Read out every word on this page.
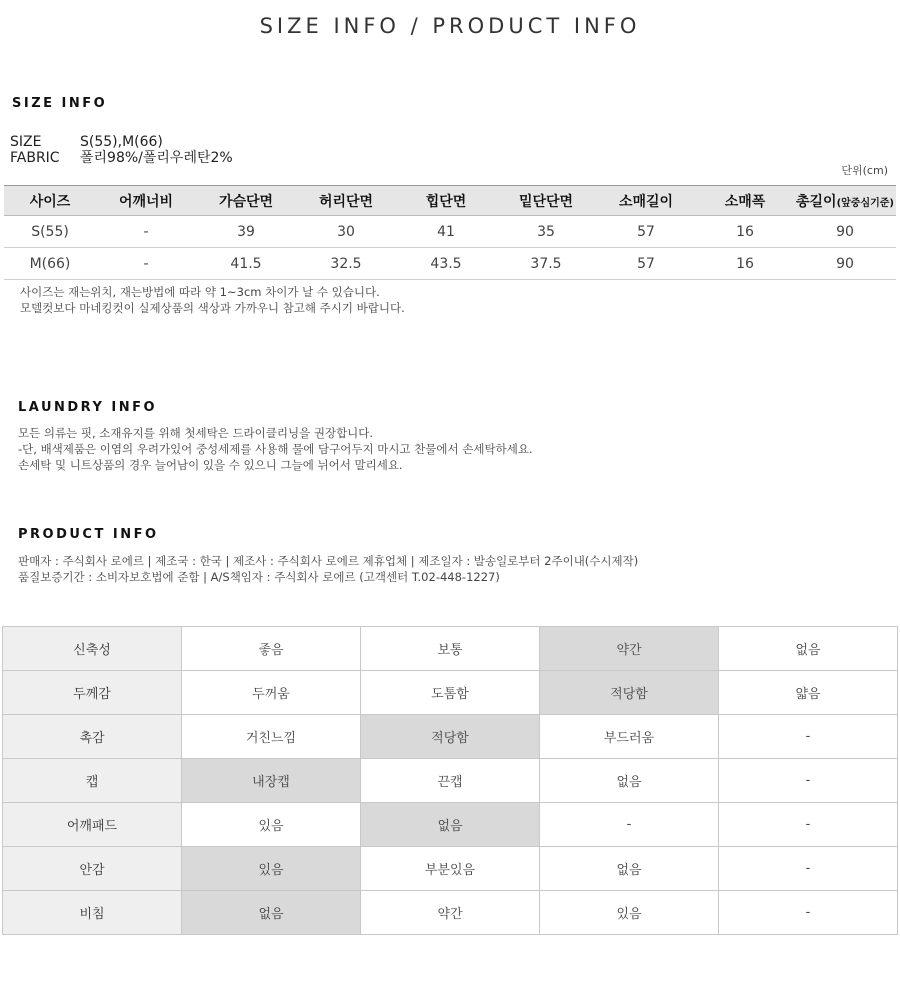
SIZE INFO / PRODUCT INFO
SIZE INFO
SIZE	S(55),M(66)
FABRIC 폴리98%/폴리우레탄2%
단위(cm)
사이즈	어깨너비	가슴단면	허리단면	힙단면	밑단단면	소매길이	소매폭	총길이(앞중심기준)
S(55)	-	39	30	41	35	57	16	90
M(66)	-	41.5	32.5	43.5	37.5	57	16	90
사이즈는 재는위치, 재는방법에 따라 약 1~3cm 차이가 날 수 있습니다.
모델컷보다 마네킹컷이 실제상품의 색상과 가까우니 참고해 주시기 바랍니다.
LAUNDRY INFO
모든 의류는 핏, 소재유지를 위해 첫세탁은 드라이클리닝을 권장합니다.
-단, 배색제품은 이염의 우려가있어 중성세제를 사용해 물에 담구어두지 마시고 찬물에서 손세탁하세요.
손세탁 및 니트상품의 경우 늘어남이 있을 수 있으니 그늘에 뉘어서 말리세요.
PRODUCT INFO
판매자 : 주식회사 로에르 | 제조국 : 한국 | 제조사 : 주식회사 로에르 제휴업체 | 제조일자 : 발송일로부터 2주이내(수시제작)
품질보증기간 : 소비자보호법에 준함 | A/S책임자 : 주식회사 로에르 (고객센터 T.02-448-1227)
신축성	좋음	보통	약간	없음
두께감	두꺼움	도톰함	적당함	얇음
촉감	거친느낌	적당함	부드러움	-
캡	내장캡	끈캡	없음	-
어깨패드	있음	없음	-	-
안감	있음	부분있음	없음	-
비침	없음	약간	있음	-
